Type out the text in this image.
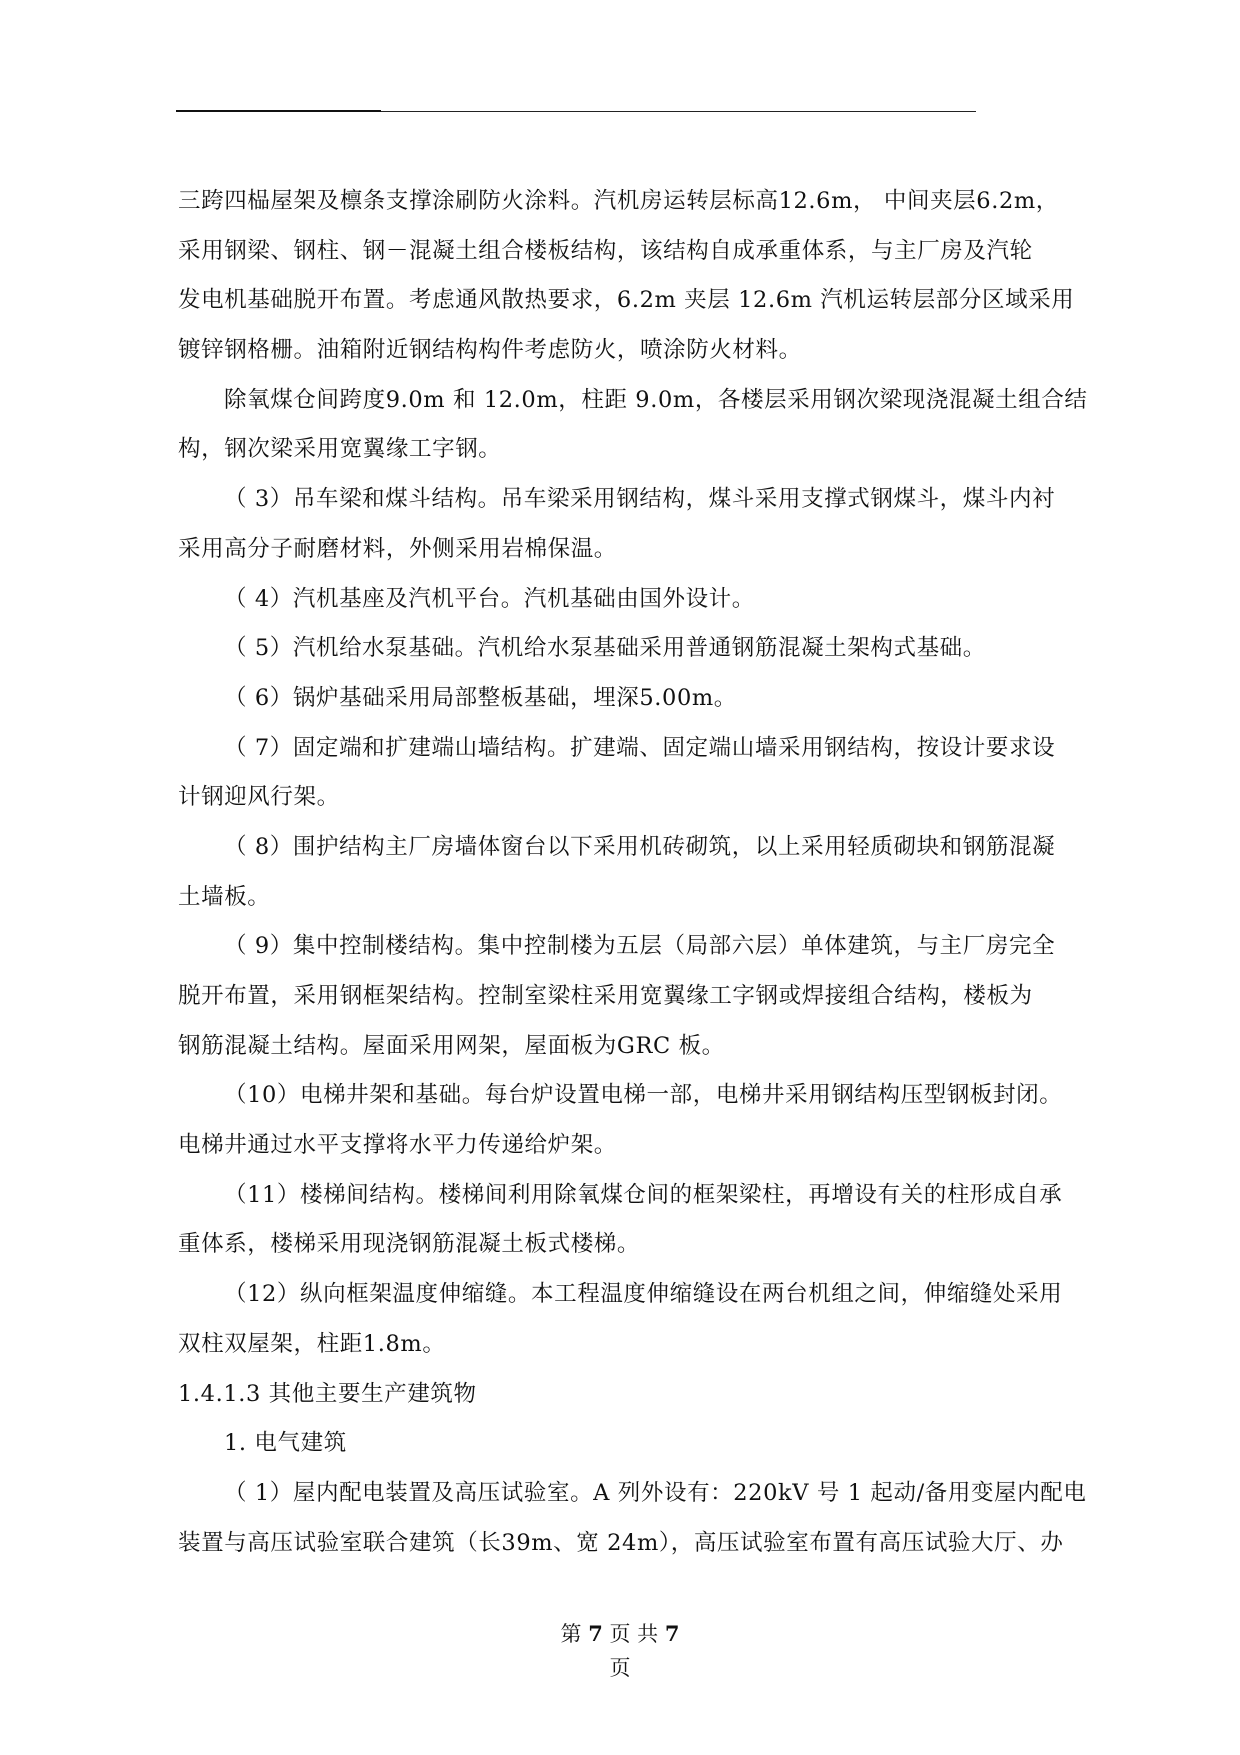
三跨四榀屋架及檩条支撑涂刷防火涂料。汽机房运转层标高12.6m， 中间夹层6.2m，
采用钢梁、钢柱、钢－混凝土组合楼板结构，该结构自成承重体系，与主厂房及汽轮
发电机基础脱开布置。考虑通风散热要求，6.2m 夹层 12.6m 汽机运转层部分区域采用
镀锌钢格栅。油箱附近钢结构构件考虑防火，喷涂防火材料。
除氧煤仓间跨度9.0m 和 12.0m，柱距 9.0m，各楼层采用钢次梁现浇混凝土组合结
构，钢次梁采用宽翼缘工字钢。
（ 3）吊车梁和煤斗结构。吊车梁采用钢结构，煤斗采用支撑式钢煤斗，煤斗内衬
采用高分子耐磨材料，外侧采用岩棉保温。
（ 4）汽机基座及汽机平台。汽机基础由国外设计。
（ 5）汽机给水泵基础。汽机给水泵基础采用普通钢筋混凝土架构式基础。
（ 6）锅炉基础采用局部整板基础，埋深5.00m。
（ 7）固定端和扩建端山墙结构。扩建端、固定端山墙采用钢结构，按设计要求设
计钢迎风行架。
（ 8）围护结构主厂房墙体窗台以下采用机砖砌筑，以上采用轻质砌块和钢筋混凝
土墙板。
（ 9）集中控制楼结构。集中控制楼为五层（局部六层）单体建筑，与主厂房完全
脱开布置，采用钢框架结构。控制室梁柱采用宽翼缘工字钢或焊接组合结构，楼板为
钢筋混凝土结构。屋面采用网架，屋面板为GRC 板。
（10）电梯井架和基础。每台炉设置电梯一部，电梯井采用钢结构压型钢板封闭。
电梯井通过水平支撑将水平力传递给炉架。
（11）楼梯间结构。楼梯间利用除氧煤仓间的框架梁柱，再增设有关的柱形成自承
重体系，楼梯采用现浇钢筋混凝土板式楼梯。
（12）纵向框架温度伸缩缝。本工程温度伸缩缝设在两台机组之间，伸缩缝处采用
双柱双屋架，柱距1.8m。
1.4.1.3 其他主要生产建筑物
1. 电气建筑
（ 1）屋内配电装置及高压试验室。A 列外设有：220kV 号 1 起动/备用变屋内配电
装置与高压试验室联合建筑（长39m、宽 24m），高压试验室布置有高压试验大厅、办
第 7 页 共 7
页
